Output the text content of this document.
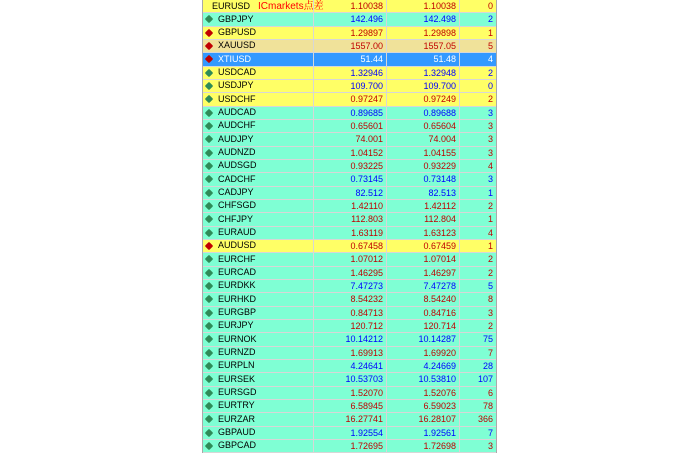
EURUSD ICmarkets点差	1.10038	1.10038	0
GBPJPY	142.496	142.498	2
GBPUSD	1.29897	1.29898	1
XAUUSD	1557.00	1557.05	5
XTIUSD	51.44	51.48	4
USDCAD	1.32946	1.32948	2
USDJPY	109.700	109.700	0
USDCHF	0.97247	0.97249	2
AUDCAD	0.89685	0.89688	3
AUDCHF	0.65601	0.65604	3
AUDJPY	74.001	74.004	3
AUDNZD	1.04152	1.04155	3
AUDSGD	0.93225	0.93229	4
CADCHF	0.73145	0.73148	3
CADJPY	82.512	82.513	1
CHFSGD	1.42110	1.42112	2
CHFJPY	112.803	112.804	1
EURAUD	1.63119	1.63123	4
AUDUSD	0.67458	0.67459	1
EURCHF	1.07012	1.07014	2
EURCAD	1.46295	1.46297	2
EURDKK	7.47273	7.47278	5
EURHKD	8.54232	8.54240	8
EURGBP	0.84713	0.84716	3
EURJPY	120.712	120.714	2
EURNOK	10.14212	10.14287	75
EURNZD	1.69913	1.69920	7
EURPLN	4.24641	4.24669	28
EURSEK	10.53703	10.53810	107
EURSGD	1.52070	1.52076	6
EURTRY	6.58945	6.59023	78
EURZAR	16.27741	16.28107	366
GBPAUD	1.92554	1.92561	7
GBPCAD	1.72695	1.72698	3
